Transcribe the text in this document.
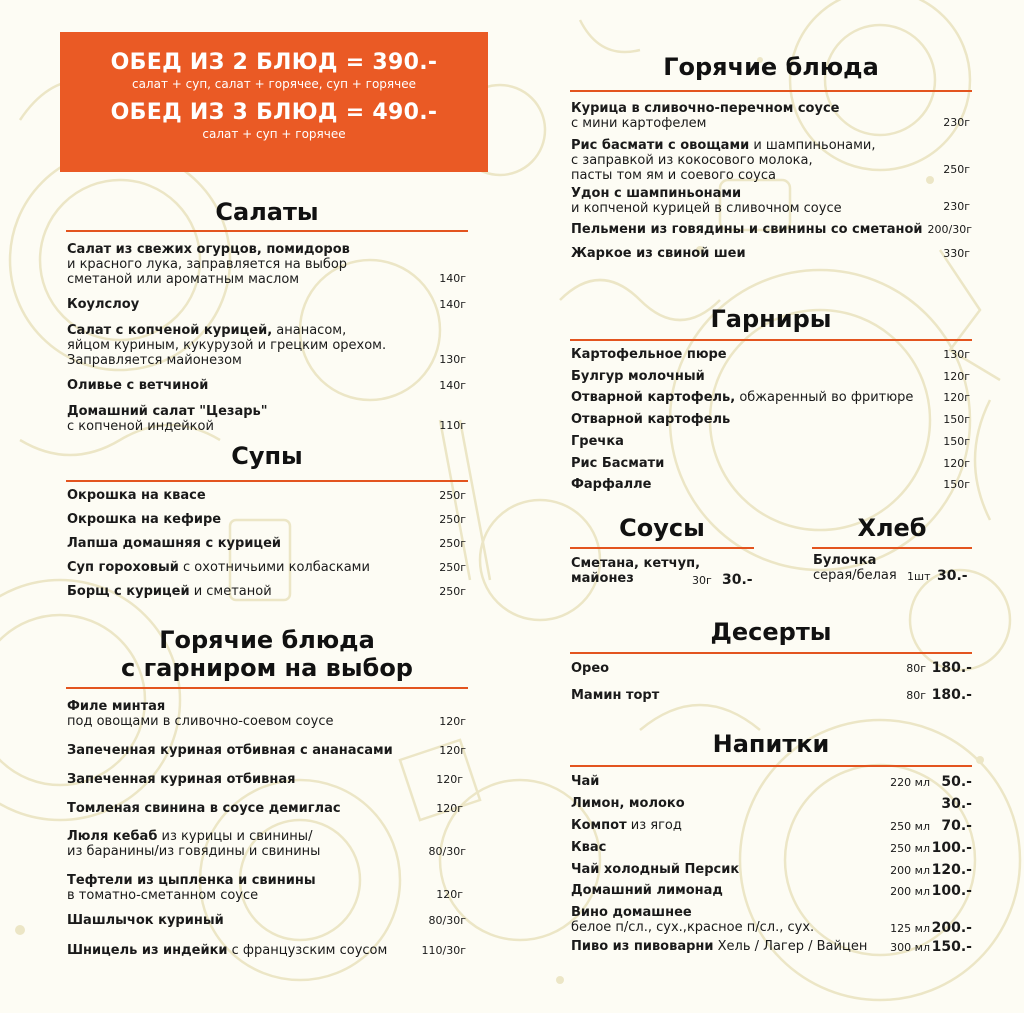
ОБЕД ИЗ 2 БЛЮД = 390.-
салат + суп, салат + горячее, суп + горячее
ОБЕД ИЗ 3 БЛЮД = 490.-
салат + суп + горячее
Салаты
Салат из свежих огурцов, помидоров
и красного лука, заправляется на выбор
сметаной или ароматным маслом	140г
Коулслоу	140г
Салат с копченой курицей, ананасом,
яйцом куриным, кукурузой и грецким орехом.
Заправляется майонезом	130г
Оливье с ветчиной	140г
Домашний салат "Цезарь"
с копченой индейкой	110г
Супы
Окрошка на квасе	250г
Окрошка на кефире	250г
Лапша домашняя с курицей	250г
Суп гороховый с охотничьими колбасками	250г
Борщ с курицей и сметаной	250г
Горячие блюда
с гарниром на выбор
Филе минтая
под овощами в сливочно-соевом соусе	120г
Запеченная куриная отбивная с ананасами	120г
Запеченная куриная отбивная	120г
Томленая свинина в соусе демиглас	120г
Люля кебаб из курицы и свинины/
из баранины/из говядины и свинины	80/30г
Тефтели из цыпленка и свинины
в томатно-сметанном соусе	120г
Шашлычок куриный	80/30г
Шницель из индейки с французским соусом	110/30г
Горячие блюда
Курица в сливочно-перечном соусе
с мини картофелем	230г
Рис басмати с овощами и шампиньонами,
с заправкой из кокосового молока,
пасты том ям и соевого соуса	250г
Удон с шампиньонами
и копченой курицей в сливочном соусе	230г
Пельмени из говядины и свинины со сметаной 200/30г
Жаркое из свиной шеи	330г
Гарниры
Картофельное пюре	130г
Булгур молочный	120г
Отварной картофель, обжаренный во фритюре	120г
Отварной картофель	150г
Гречка	150г
Рис Басмати	120г
Фарфалле	150г
Соусы
Сметана, кетчуп,
майонез	30г 30.-
Хлеб
Булочка
серая/белая 1шт 30.-
Десерты
Орео	80г 180.-
Мамин торт	80г 180.-
Напитки
Чай	220 мл 50.-
Лимон, молоко	30.-
Компот из ягод	250 мл 70.-
Квас	250 мл 100.-
Чай холодный Персик	200 мл 120.-
Домашний лимонад	200 мл 100.-
Вино домашнее
белое п/сл., сух.,красное п/сл., сух.	125 мл 200.-
Пиво из пивоварни Хель / Лагер / Вайцен 300 мл 150.-
